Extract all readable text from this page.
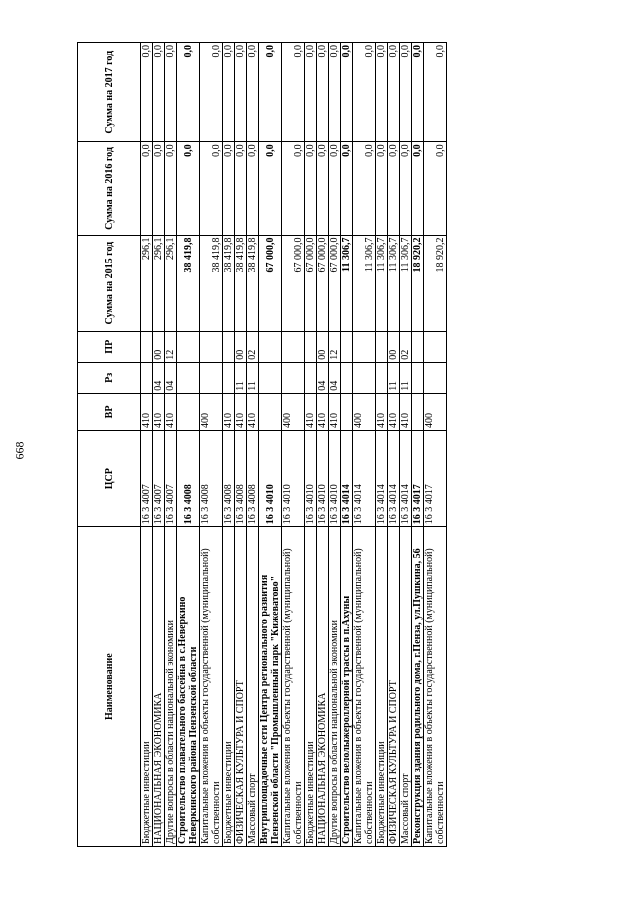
668
Наименование	ЦСР	ВР	Рз	ПР	Сумма на 2015 год	Сумма на 2016 год	Сумма на 2017 год
Бюджетные инвестиции	16 3 4007	410			296,1	0,0	0,0
НАЦИОНАЛЬНАЯ ЭКОНОМИКА	16 3 4007	410	04	00	296,1	0,0	0,0
Другие вопросы в области национальной экономики	16 3 4007	410	04	12	296,1	0,0	0,0
Строительство плавательного бассейна в с.Неверкино Неверкинского района Пензенской области	16 3 4008				38 419,8	0,0	0,0
Капитальные вложения в объекты государственной (муниципальной) собственности	16 3 4008	400			38 419,8	0,0	0,0
Бюджетные инвестиции	16 3 4008	410			38 419,8	0,0	0,0
ФИЗИЧЕСКАЯ КУЛЬТУРА И СПОРТ	16 3 4008	410	11	00	38 419,8	0,0	0,0
Массовый спорт	16 3 4008	410	11	02	38 419,8	0,0	0,0
Внутриплощадочные сети Центра регионального развития Пензенской области "Промышленный парк "Кижеватово"	16 3 4010				67 000,0	0,0	0,0
Капитальные вложения в объекты государственной (муниципальной) собственности	16 3 4010	400			67 000,0	0,0	0,0
Бюджетные инвестиции	16 3 4010	410			67 000,0	0,0	0,0
НАЦИОНАЛЬНАЯ ЭКОНОМИКА	16 3 4010	410	04	00	67 000,0	0,0	0,0
Другие вопросы в области национальной экономики	16 3 4010	410	04	12	67 000,0	0,0	0,0
Строительство велолыжероллерной трассы в п.Ахуны	16 3 4014				11 306,7	0,0	0,0
Капитальные вложения в объекты государственной (муниципальной) собственности	16 3 4014	400			11 306,7	0,0	0,0
Бюджетные инвестиции	16 3 4014	410			11 306,7	0,0	0,0
ФИЗИЧЕСКАЯ КУЛЬТУРА И СПОРТ	16 3 4014	410	11	00	11 306,7	0,0	0,0
Массовый спорт	16 3 4014	410	11	02	11 306,7	0,0	0,0
Реконструкция здания родильного дома, г.Пенза, ул.Пушкина, 56	16 3 4017				18 920,2	0,0	0,0
Капитальные вложения в объекты государственной (муниципальной) собственности	16 3 4017	400			18 920,2	0,0	0,0
